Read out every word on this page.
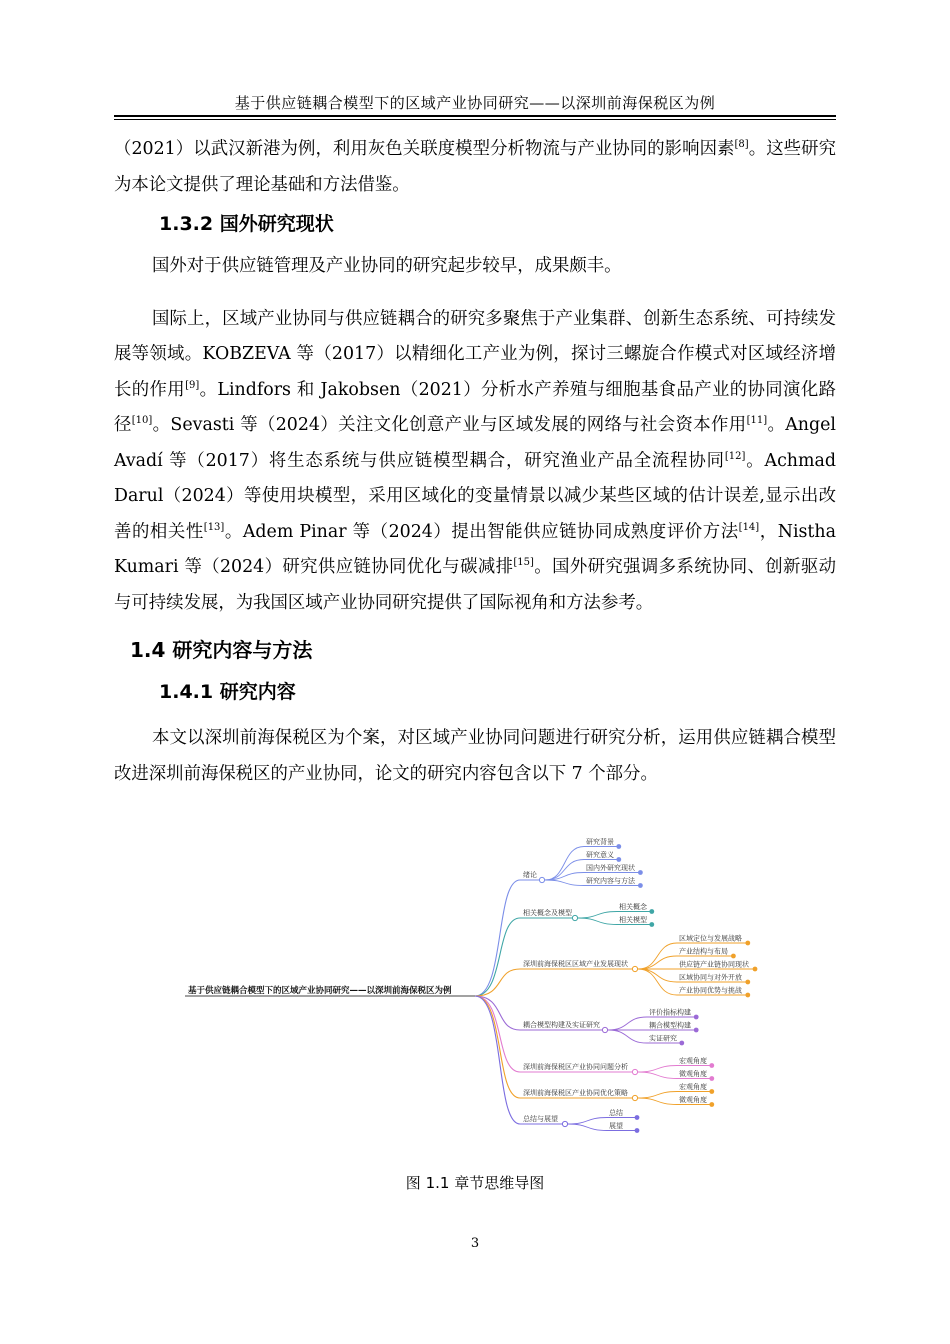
基于供应链耦合模型下的区域产业协同研究——以深圳前海保税区为例

（2021）以武汉新港为例，利用灰色关联度模型分析物流与产业协同的影响因素[8]。这些研究为本论文提供了理论基础和方法借鉴。

1.3.2 国外研究现状

国外对于供应链管理及产业协同的研究起步较早，成果颇丰。

国际上，区域产业协同与供应链耦合的研究多聚焦于产业集群、创新生态系统、可持续发展等领域。KOBZEVA 等（2017）以精细化工产业为例，探讨三螺旋合作模式对区域经济增长的作用[9]。Lindfors 和 Jakobsen（2021）分析水产养殖与细胞基食品产业的协同演化路径[10]。Sevasti 等（2024）关注文化创意产业与区域发展的网络与社会资本作用[11]。Angel Avadí 等（2017）将生态系统与供应链模型耦合，研究渔业产品全流程协同[12]。Achmad Darul（2024）等使用块模型，采用区域化的变量情景以减少某些区域的估计误差,显示出改善的相关性[13]。Adem Pinar 等（2024）提出智能供应链协同成熟度评价方法[14]，Nistha Kumari 等（2024）研究供应链协同优化与碳减排[15]。国外研究强调多系统协同、创新驱动与可持续发展，为我国区域产业协同研究提供了国际视角和方法参考。

1.4 研究内容与方法
1.4.1 研究内容

本文以深圳前海保税区为个案，对区域产业协同问题进行研究分析，运用供应链耦合模型改进深圳前海保税区的产业协同，论文的研究内容包含以下 7 个部分。

基于供应链耦合模型下的区域产业协同研究——以深圳前海保税区为例
绪论
研究背景
研究意义
国内外研究现状
研究内容与方法
相关概念及模型
相关概念
相关模型
深圳前海保税区区域产业发展现状
区域定位与发展战略
产业结构与布局
供应链产业链协同现状
区域协同与对外开放
产业协同优势与挑战
耦合模型构建及实证研究
评价指标构建
耦合模型构建
实证研究
深圳前海保税区产业协同问题分析
宏观角度
微观角度
深圳前海保税区产业协同优化策略
宏观角度
微观角度
总结与展望
总结
展望
图 1.1 章节思维导图
3
